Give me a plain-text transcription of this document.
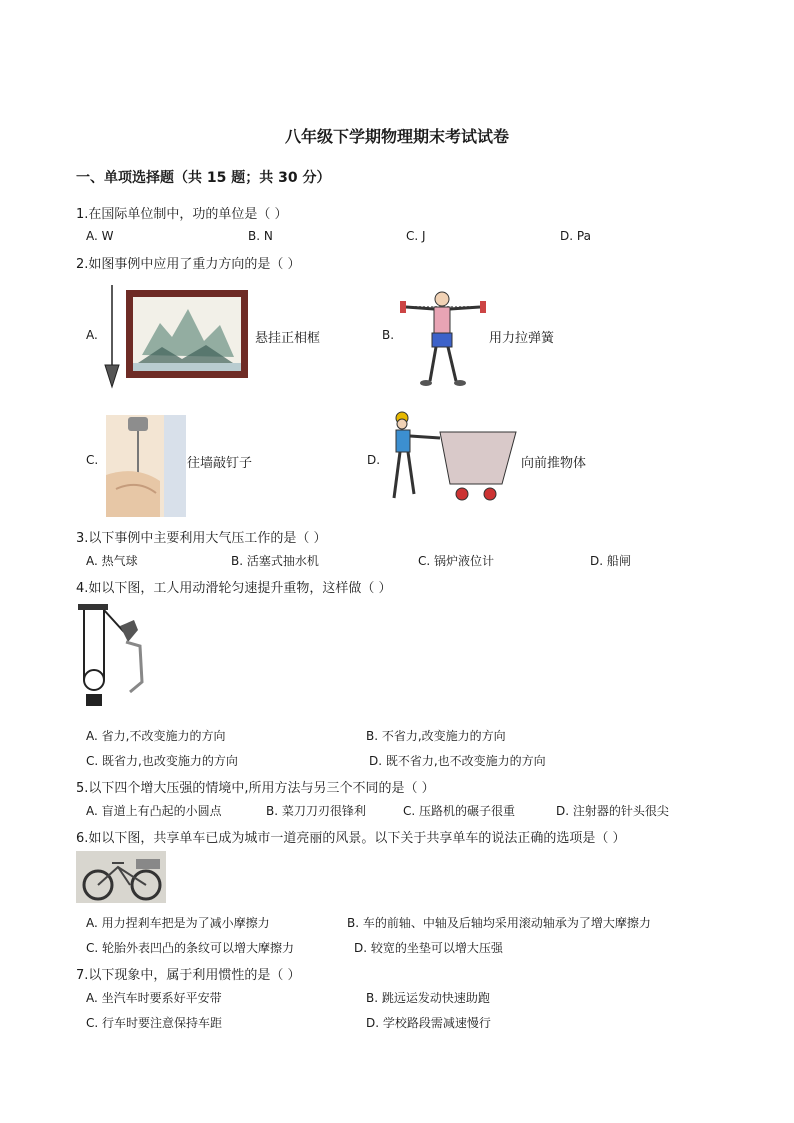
八年级下学期物理期末考试试卷
一、单项选择题（共 15 题；共 30 分）
1.在国际单位制中，功的单位是（ ）
A. W	B. N	C. J	D. Pa
2.如图事例中应用了重力方向的是（ ）
A.	悬挂正相框	B.	用力拉弹簧
C.	往墙敲钉子	D.	向前推物体
3.以下事例中主要利用大气压工作的是（ ）
A. 热气球	B. 活塞式抽水机	C. 锅炉液位计	D. 船闸
4.如以下图，工人用动滑轮匀速提升重物，这样做（ ）
A. 省力,不改变施力的方向	B. 不省力,改变施力的方向
C. 既省力,也改变施力的方向	D. 既不省力,也不改变施力的方向
5.以下四个增大压强的情境中,所用方法与另三个不同的是（ ）
A. 盲道上有凸起的小圆点	B. 菜刀刀刃很锋利	C. 压路机的碾子很重	D. 注射器的针头很尖
6.如以下图，共享单车已成为城市一道亮丽的风景。以下关于共享单车的说法正确的选项是（ ）
A. 用力捏剎车把是为了减小摩擦力	B. 车的前轴、中轴及后轴均采用滚动轴承为了增大摩擦力
C. 轮胎外表凹凸的条纹可以增大摩擦力	D. 较宽的坐垫可以增大压强
7.以下现象中，属于利用惯性的是（ ）
A. 坐汽车时要系好平安带	B. 跳远运发动快速助跑
C. 行车时要注意保持车距	D. 学校路段需减速慢行
